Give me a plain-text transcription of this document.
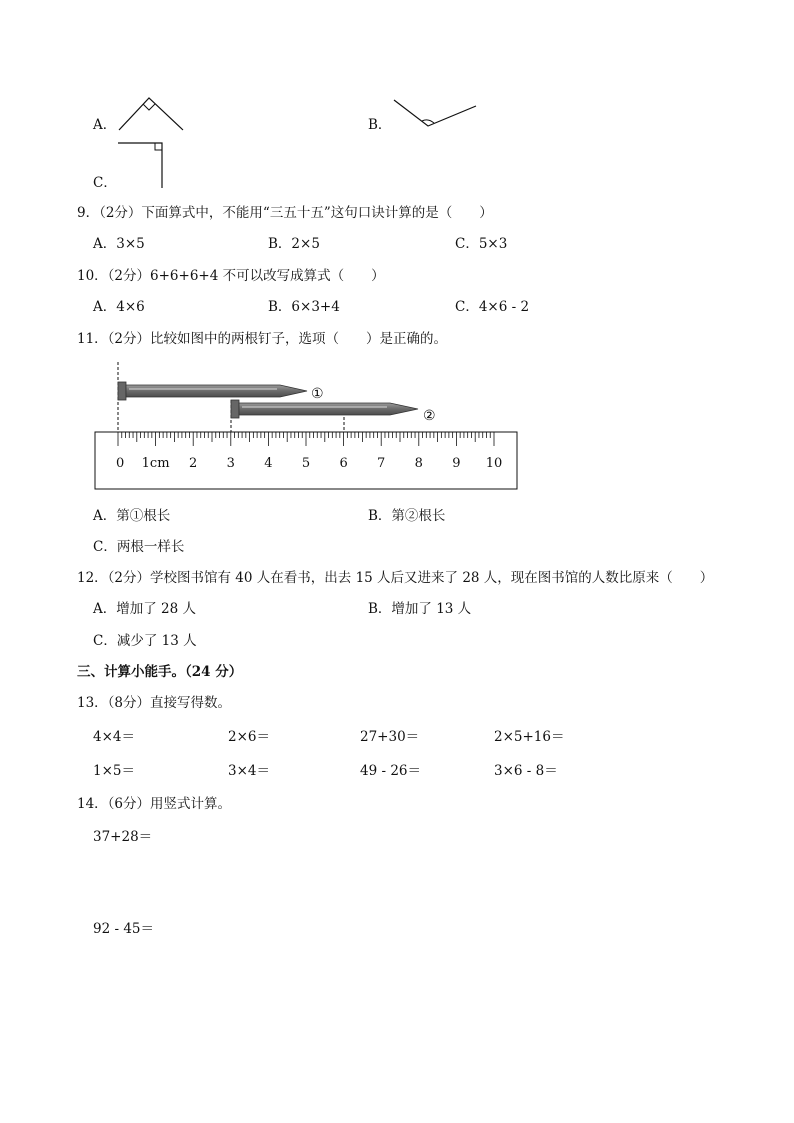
A．	B．
C．
9．（2分）下面算式中，不能用“三五十五”这句口诀计算的是（　　）
A．3×5	B．2×5	C．5×3
10．（2分）6+6+6+4 不可以改写成算式（　　）
A．4×6	B．6×3+4	C．4×6 - 2
11．（2分）比较如图中的两根钉子，选项（　　）是正确的。
①
②
0 1cm 2 3 4 5 6 7 8 9 10
A．第①根长	B．第②根长
C．两根一样长
12．（2分）学校图书馆有 40 人在看书，出去 15 人后又进来了 28 人，现在图书馆的人数比原来（　　）
A．增加了 28 人	B．增加了 13 人
C．减少了 13 人
三、计算小能手。（24 分）
13．（8分）直接写得数。
4×4＝	2×6＝	27+30＝	2×5+16＝
1×5＝	3×4＝	49 - 26＝	3×6 - 8＝
14．（6分）用竖式计算。
37+28＝
92 - 45＝
